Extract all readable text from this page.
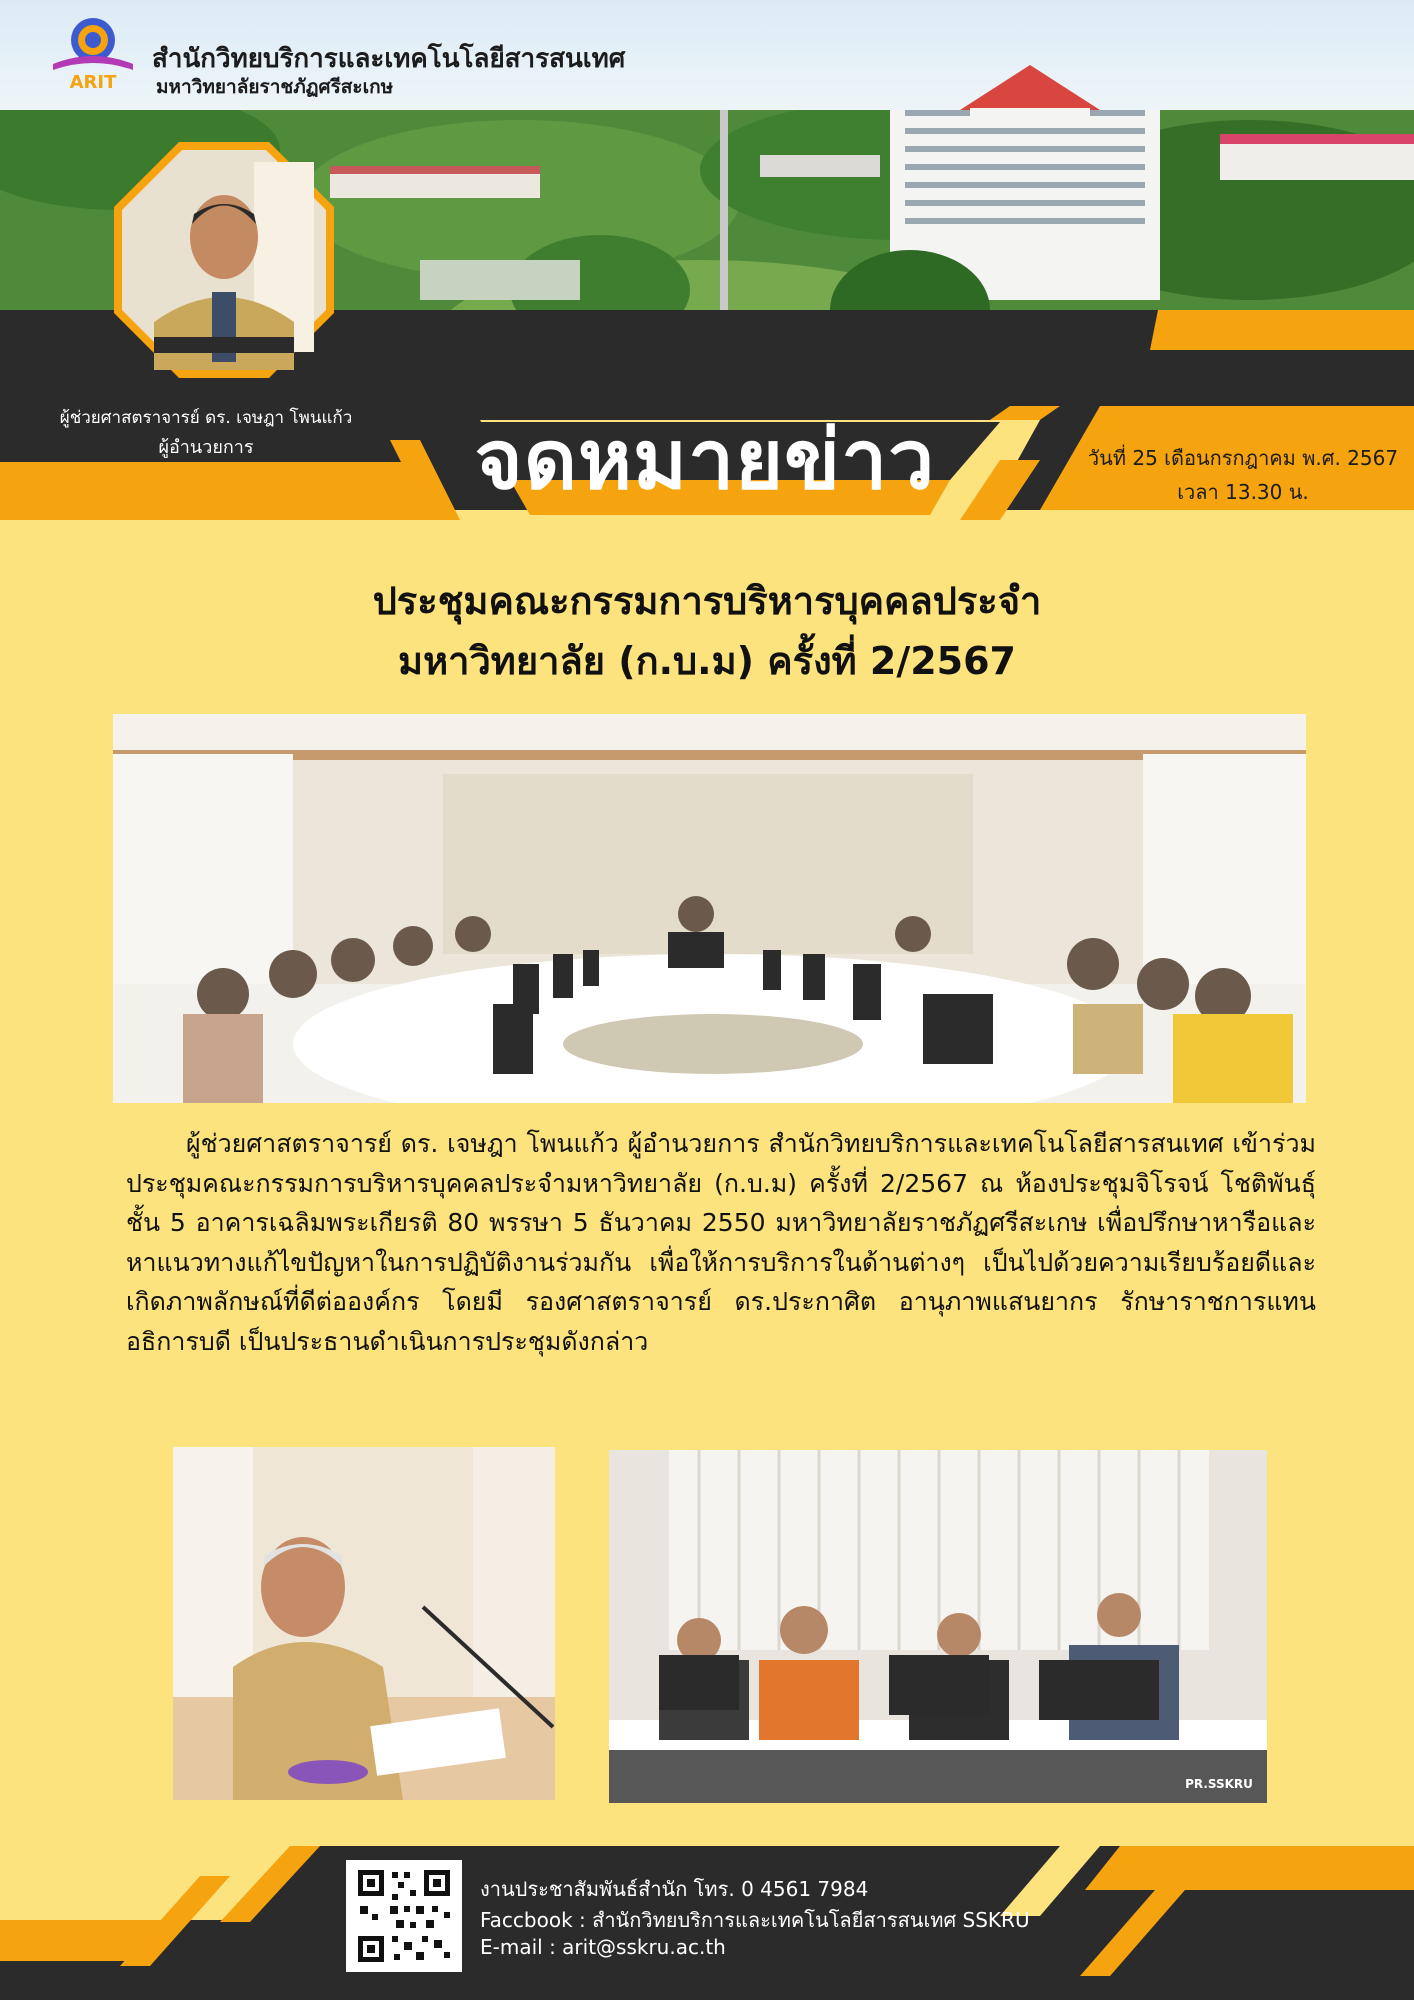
ARIT
สำนักวิทยบริการและเทคโนโลยีสารสนเทศ
มหาวิทยาลัยราชภัฏศรีสะเกษ
ผู้ช่วยศาสตราจารย์ ดร. เจษฎา โพนแก้ว
ผู้อำนวยการ	จดหมายข่าว	วันที่ 25 เดือนกรกฎาคม พ.ศ. 2567
เวลา 13.30 น.
ประชุมคณะกรรมการบริหารบุคคลประจำ
มหาวิทยาลัย (ก.บ.ม) ครั้งที่ 2/2567
ผู้ช่วยศาสตราจารย์ ดร. เจษฎา โพนแก้ว ผู้อำนวยการ สำนักวิทยบริการและเทคโนโลยีสารสนเทศ เข้าร่วมประชุมคณะกรรมการบริหารบุคคลประจำมหาวิทยาลัย (ก.บ.ม) ครั้งที่ 2/2567 ณ ห้องประชุมจิโรจน์ โชติพันธุ์ ชั้น 5 อาคารเฉลิมพระเกียรติ 80 พรรษา 5 ธันวาคม 2550 มหาวิทยาลัยราชภัฏศรีสะเกษ เพื่อปรึกษาหารือและหาแนวทางแก้ไขปัญหาในการปฏิบัติงานร่วมกัน เพื่อให้การบริการในด้านต่างๆ เป็นไปด้วยความเรียบร้อยดีและเกิดภาพลักษณ์ที่ดีต่อองค์กร โดยมี รองศาสตราจารย์ ดร.ประกาศิต อานุภาพแสนยากร รักษาราชการแทนอธิการบดี เป็นประธานดำเนินการประชุมดังกล่าว
PR.SSKRU
งานประชาสัมพันธ์สำนัก โทร. 0 4561 7984
Faccbook : สำนักวิทยบริการและเทคโนโลยีสารสนเทศ SSKRU
E-mail : arit@sskru.ac.th
